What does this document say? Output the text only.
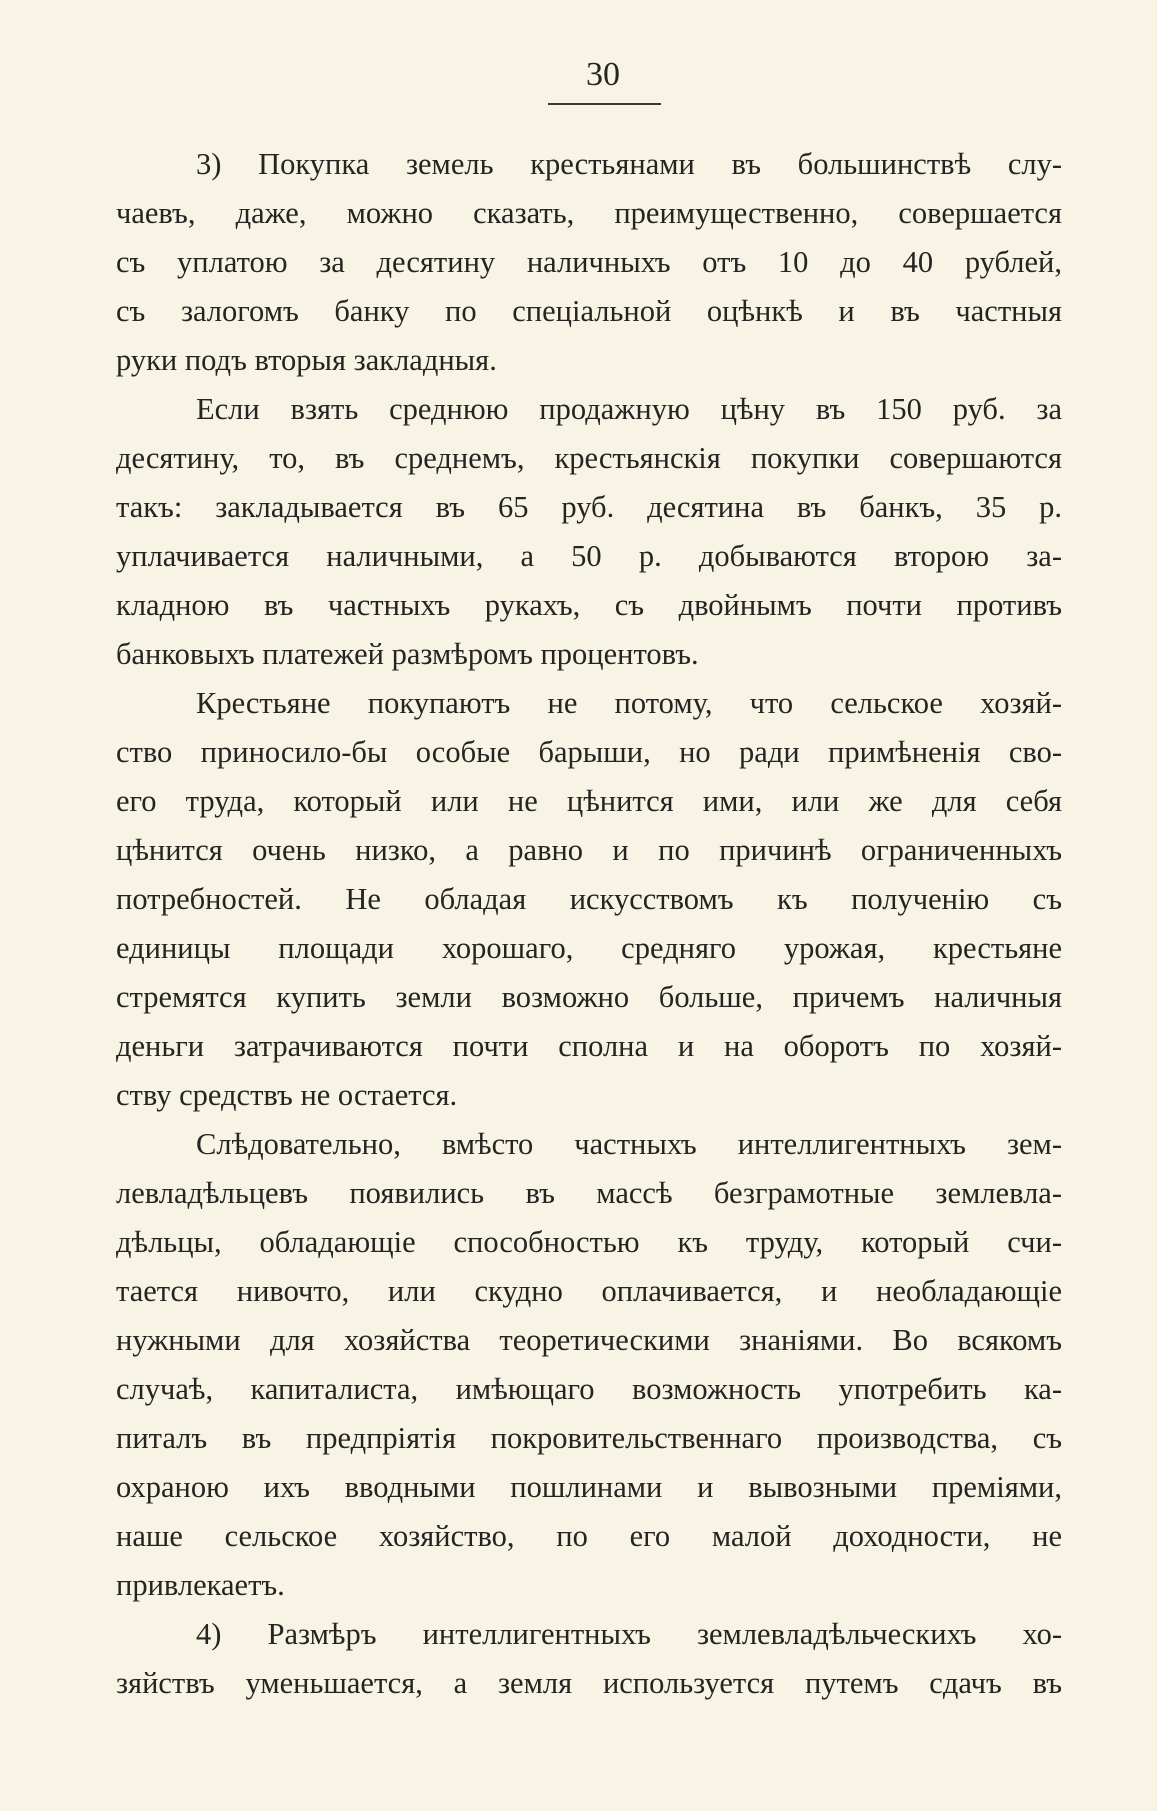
30
3) Покупка земель крестьянами въ большинствѣ слу-
чаевъ, даже, можно сказать, преимущественно, совершается
съ уплатою за десятину наличныхъ отъ 10 до 40 рублей,
съ залогомъ банку по спеціальной оцѣнкѣ и въ частныя
руки подъ вторыя закладныя.
Если взять среднюю продажную цѣну въ 150 руб. за
десятину, то, въ среднемъ, крестьянскія покупки совершаются
такъ: закладывается въ 65 руб. десятина въ банкъ, 35 р.
уплачивается наличными, а 50 р. добываются второю за-
кладною въ частныхъ рукахъ, съ двойнымъ почти противъ
банковыхъ платежей размѣромъ процентовъ.
Крестьяне покупаютъ не потому, что сельское хозяй-
ство приносило-бы особые барыши, но ради примѣненія сво-
его труда, который или не цѣнится ими, или же для себя
цѣнится очень низко, а равно и по причинѣ ограниченныхъ
потребностей. Не обладая искусствомъ къ полученію съ
единицы площади хорошаго, средняго урожая, крестьяне
стремятся купить земли возможно больше, причемъ наличныя
деньги затрачиваются почти сполна и на оборотъ по хозяй-
ству средствъ не остается.
Слѣдовательно, вмѣсто частныхъ интеллигентныхъ зем-
левладѣльцевъ появились въ массѣ безграмотные землевла-
дѣльцы, обладающіе способностью къ труду, который счи-
тается нивочто, или скудно оплачивается, и необладающіе
нужными для хозяйства теоретическими знаніями. Во всякомъ
случаѣ, капиталиста, имѣющаго возможность употребить ка-
питалъ въ предпріятія покровительственнаго производства, съ
охраною ихъ вводными пошлинами и вывозными преміями,
наше сельское хозяйство, по его малой доходности, не
привлекаетъ.
4) Размѣръ интеллигентныхъ землевладѣльческихъ хо-
зяйствъ уменьшается, а земля используется путемъ сдачъ въ
